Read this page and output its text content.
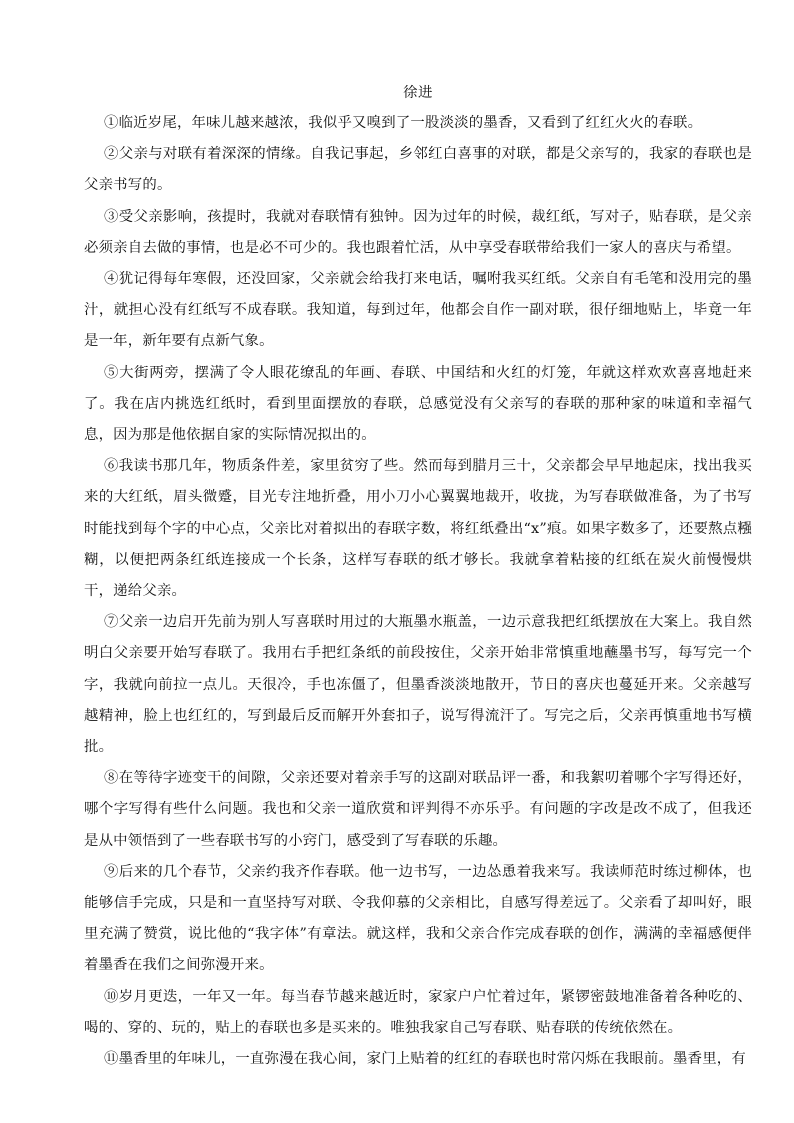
徐进

①临近岁尾，年味儿越来越浓，我似乎又嗅到了一股淡淡的墨香，又看到了红红火火的春联。

②父亲与对联有着深深的情缘。自我记事起，乡邻红白喜事的对联，都是父亲写的，我家的春联也是父亲书写的。

③受父亲影响，孩提时，我就对春联情有独钟。因为过年的时候，裁红纸，写对子，贴春联，是父亲必须亲自去做的事情，也是必不可少的。我也跟着忙活，从中享受春联带给我们一家人的喜庆与希望。

④犹记得每年寒假，还没回家，父亲就会给我打来电话，嘱咐我买红纸。父亲自有毛笔和没用完的墨汁，就担心没有红纸写不成春联。我知道，每到过年，他都会自作一副对联，很仔细地贴上，毕竟一年是一年，新年要有点新气象。

⑤大街两旁，摆满了令人眼花缭乱的年画、春联、中国结和火红的灯笼，年就这样欢欢喜喜地赶来了。我在店内挑选红纸时，看到里面摆放的春联，总感觉没有父亲写的春联的那种家的味道和幸福气息，因为那是他依据自家的实际情况拟出的。

⑥我读书那几年，物质条件差，家里贫穷了些。然而每到腊月三十，父亲都会早早地起床，找出我买来的大红纸，眉头微蹙，目光专注地折叠，用小刀小心翼翼地裁开，收拢，为写春联做准备，为了书写时能找到每个字的中心点，父亲比对着拟出的春联字数，将红纸叠出“x”痕。如果字数多了，还要熬点糨糊，以便把两条红纸连接成一个长条，这样写春联的纸才够长。我就拿着粘接的红纸在炭火前慢慢烘干，递给父亲。

⑦父亲一边启开先前为别人写喜联时用过的大瓶墨水瓶盖，一边示意我把红纸摆放在大案上。我自然明白父亲要开始写春联了。我用右手把红条纸的前段按住，父亲开始非常慎重地蘸墨书写，每写完一个字，我就向前拉一点儿。天很冷，手也冻僵了，但墨香淡淡地散开，节日的喜庆也蔓延开来。父亲越写越精神，脸上也红红的，写到最后反而解开外套扣子，说写得流汗了。写完之后，父亲再慎重地书写横批。

⑧在等待字迹变干的间隙，父亲还要对着亲手写的这副对联品评一番，和我絮叨着哪个字写得还好，哪个字写得有些什么问题。我也和父亲一道欣赏和评判得不亦乐乎。有问题的字改是改不成了，但我还是从中领悟到了一些春联书写的小窍门，感受到了写春联的乐趣。

⑨后来的几个春节，父亲约我齐作春联。他一边书写，一边怂恿着我来写。我读师范时练过柳体，也能够信手完成，只是和一直坚持写对联、令我仰慕的父亲相比，自感写得差远了。父亲看了却叫好，眼里充满了赞赏，说比他的“我字体”有章法。就这样，我和父亲合作完成春联的创作，满满的幸福感便伴着墨香在我们之间弥漫开来。

⑩岁月更迭，一年又一年。每当春节越来越近时，家家户户忙着过年，紧锣密鼓地准备着各种吃的、喝的、穿的、玩的，贴上的春联也多是买来的。唯独我家自己写春联、贴春联的传统依然在。

⑪墨香里的年味儿，一直弥漫在我心间，家门上贴着的红红的春联也时常闪烁在我眼前。墨香里，有
